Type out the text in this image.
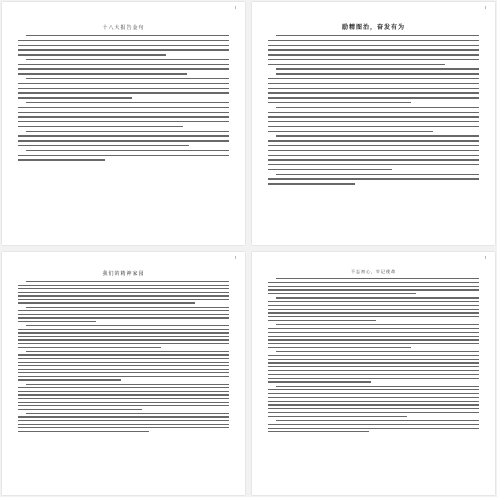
十八大报告金句	励精图治，奋发有为
我们的精神家园	不忘初心，牢记使命
